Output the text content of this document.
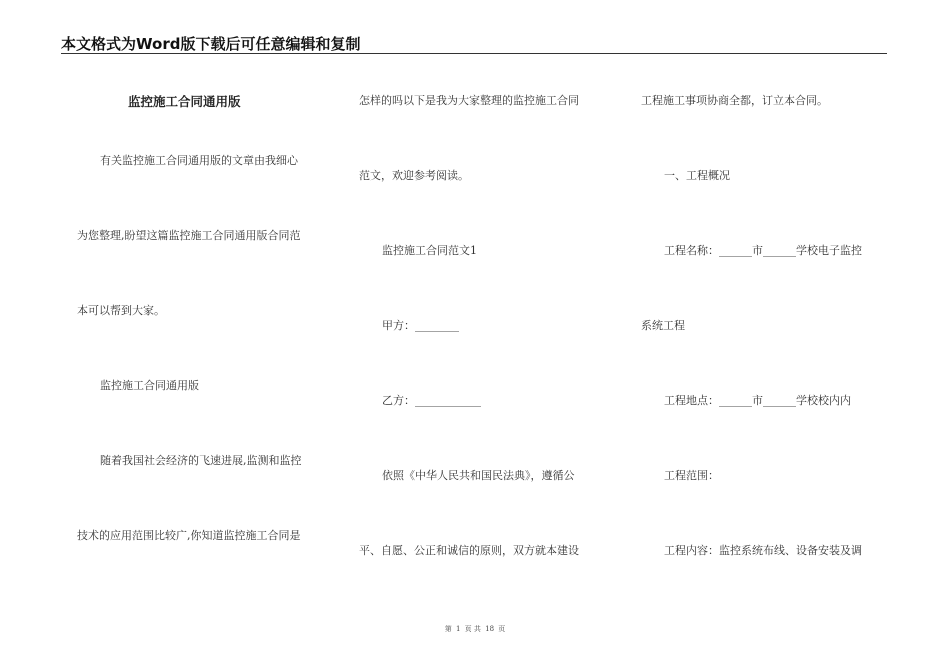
本文格式为Word版下载后可任意编辑和复制
监控施工合同通用版
有关监控施工合同通用版的文章由我细心
为您整理,盼望这篇监控施工合同通用版合同范
本可以帮到大家。
监控施工合同通用版
随着我国社会经济的飞速进展,监测和监控
技术的应用范围比较广,你知道监控施工合同是
怎样的吗以下是我为大家整理的监控施工合同
范文，欢迎参考阅读。
监控施工合同范文1
甲方：________
乙方：____________
依照《中华人民共和国民法典》，遵循公
平、自愿、公正和诚信的原则，双方就本建设
工程施工事项协商全都，订立本合同。
一、工程概况
工程名称：______市______学校电子监控
系统工程
工程地点：______市______学校校内内
工程范围：
工程内容：监控系统布线、设备安装及调
第 1 页 共 18 页
